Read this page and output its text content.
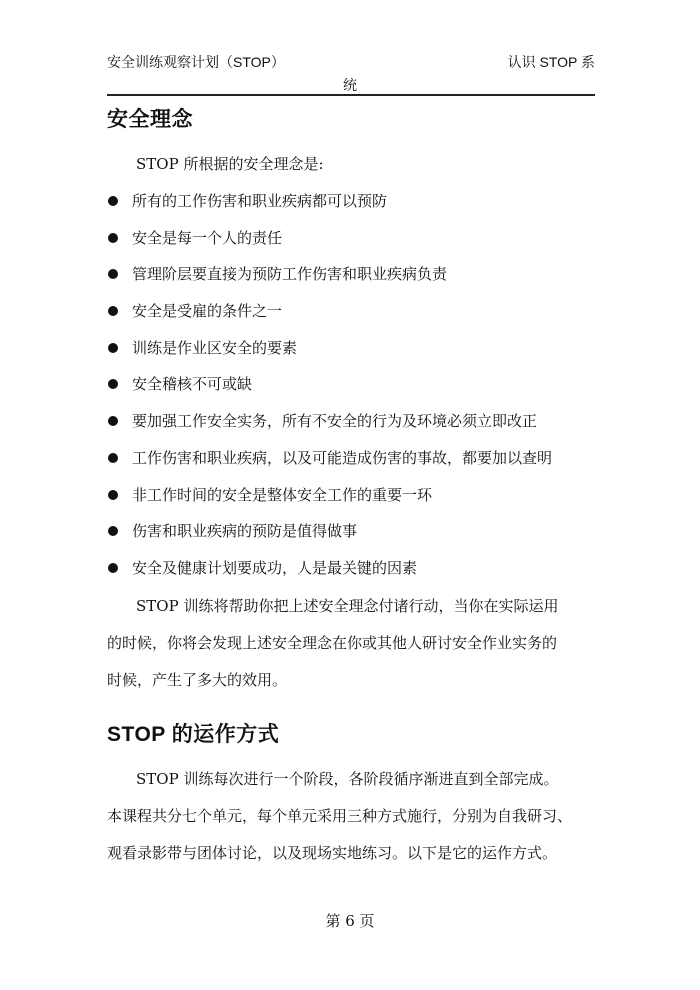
安全训练观察计划（STOP）	认识 STOP 系
统
安全理念
STOP 所根据的安全理念是:
所有的工作伤害和职业疾病都可以预防
安全是每一个人的责任
管理阶层要直接为预防工作伤害和职业疾病负责
安全是受雇的条件之一
训练是作业区安全的要素
安全稽核不可或缺
要加强工作安全实务，所有不安全的行为及环境必须立即改正
工作伤害和职业疾病，以及可能造成伤害的事故，都要加以查明
非工作时间的安全是整体安全工作的重要一环
伤害和职业疾病的预防是值得做事
安全及健康计划要成功，人是最关键的因素
STOP 训练将帮助你把上述安全理念付诸行动，当你在实际运用
的时候，你将会发现上述安全理念在你或其他人研讨安全作业实务的
时候，产生了多大的效用。
STOP 的运作方式
STOP 训练每次进行一个阶段，各阶段循序渐进直到全部完成。
本课程共分七个单元，每个单元采用三种方式施行，分别为自我研习、
观看录影带与团体讨论，以及现场实地练习。以下是它的运作方式。
第 6 页
